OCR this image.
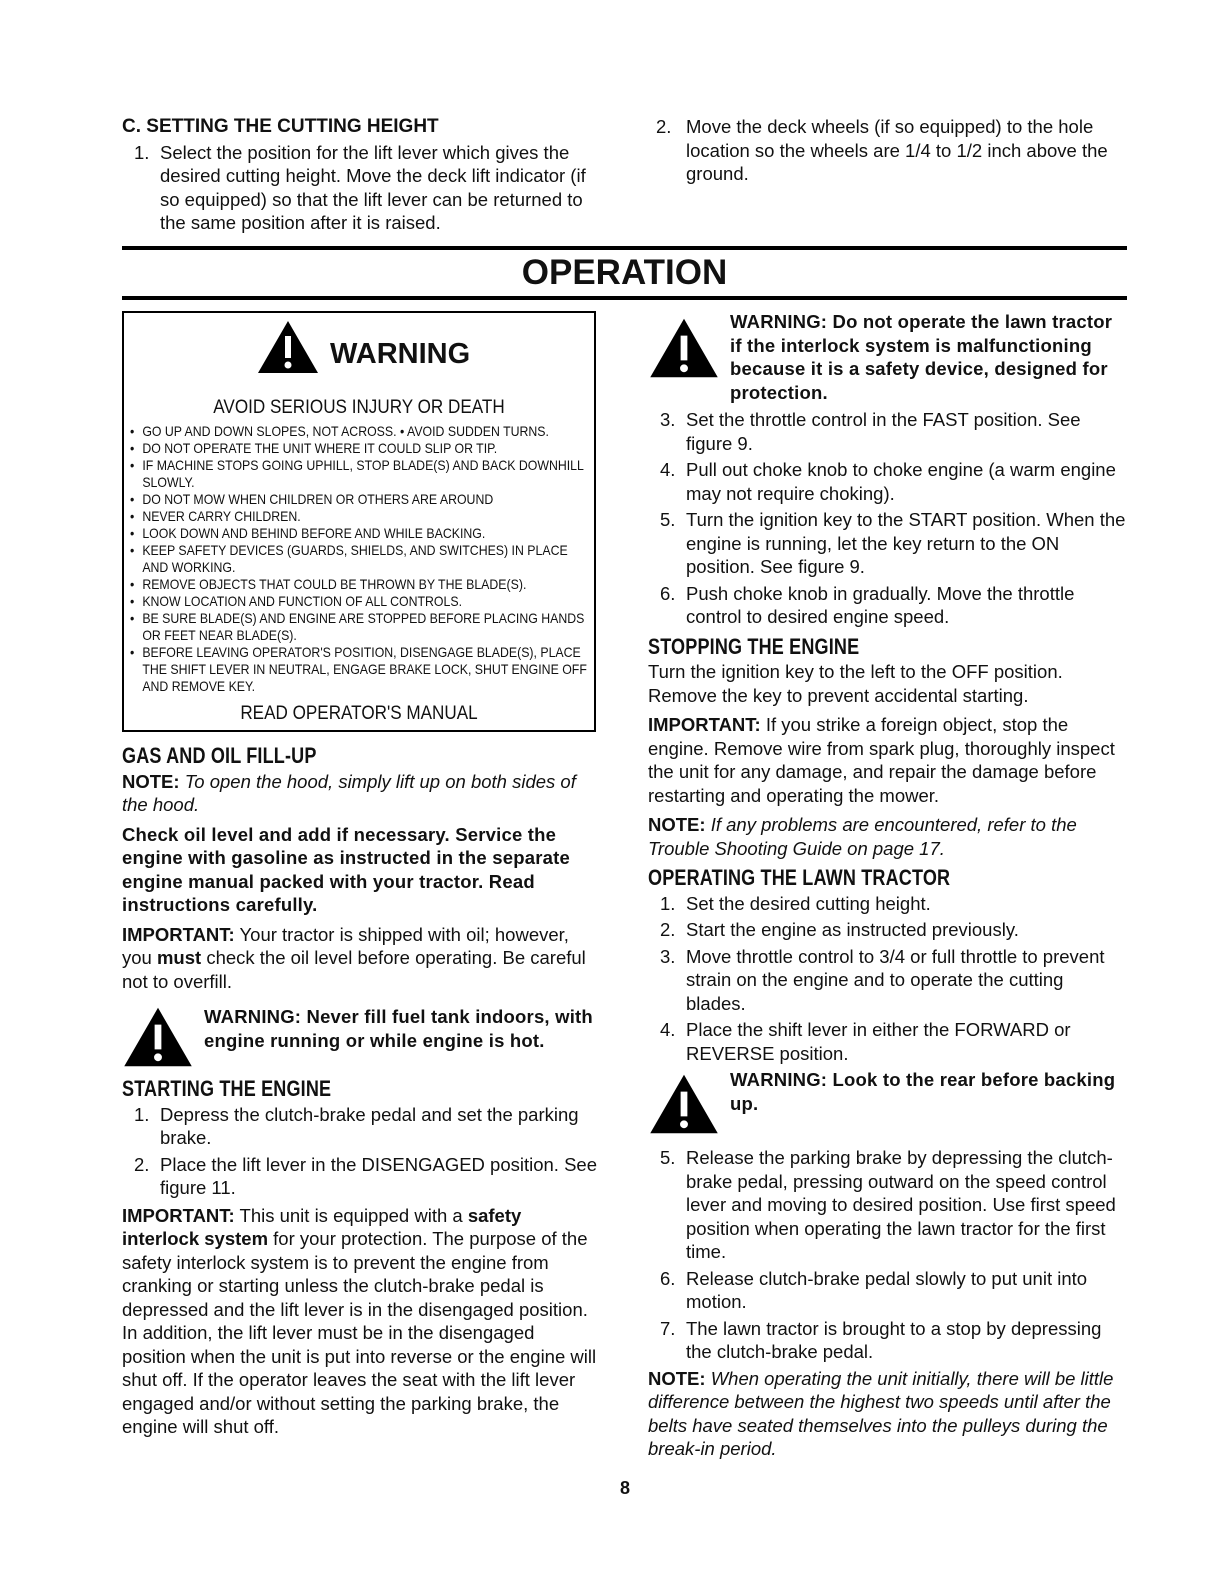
C. SETTING THE CUTTING HEIGHT
1. Select the position for the lift lever which gives the desired cutting height. Move the deck lift indicator (if so equipped) so that the lift lever can be returned to the same position after it is raised.
2. Move the deck wheels (if so equipped) to the hole location so the wheels are 1/4 to 1/2 inch above the ground.
OPERATION
WARNING
AVOID SERIOUS INJURY OR DEATH
• GO UP AND DOWN SLOPES, NOT ACROSS. • AVOID SUDDEN TURNS.
• DO NOT OPERATE THE UNIT WHERE IT COULD SLIP OR TIP.
• IF MACHINE STOPS GOING UPHILL, STOP BLADE(S) AND BACK DOWNHILL SLOWLY.
• DO NOT MOW WHEN CHILDREN OR OTHERS ARE AROUND
• NEVER CARRY CHILDREN.
• LOOK DOWN AND BEHIND BEFORE AND WHILE BACKING.
• KEEP SAFETY DEVICES (GUARDS, SHIELDS, AND SWITCHES) IN PLACE AND WORKING.
• REMOVE OBJECTS THAT COULD BE THROWN BY THE BLADE(S).
• KNOW LOCATION AND FUNCTION OF ALL CONTROLS.
• BE SURE BLADE(S) AND ENGINE ARE STOPPED BEFORE PLACING HANDS OR FEET NEAR BLADE(S).
• BEFORE LEAVING OPERATOR'S POSITION, DISENGAGE BLADE(S), PLACE THE SHIFT LEVER IN NEUTRAL, ENGAGE BRAKE LOCK, SHUT ENGINE OFF AND REMOVE KEY.
READ OPERATOR'S MANUAL
GAS AND OIL FILL-UP

NOTE: To open the hood, simply lift up on both sides of the hood.

Check oil level and add if necessary. Service the engine with gasoline as instructed in the separate engine manual packed with your tractor. Read instructions carefully.

IMPORTANT: Your tractor is shipped with oil; however, you must check the oil level before operating. Be careful not to overfill.

WARNING: Never fill fuel tank indoors, with engine running or while engine is hot.
STARTING THE ENGINE
1. Depress the clutch-brake pedal and set the parking brake.
2. Place the lift lever in the DISENGAGED position. See figure 11.

IMPORTANT: This unit is equipped with a safety interlock system for your protection. The purpose of the safety interlock system is to prevent the engine from cranking or starting unless the clutch-brake pedal is depressed and the lift lever is in the disengaged position. In addition, the lift lever must be in the disengaged position when the unit is put into reverse or the engine will shut off. If the operator leaves the seat with the lift lever engaged and/or without setting the parking brake, the engine will shut off.

WARNING: Do not operate the lawn tractor if the interlock system is malfunctioning because it is a safety device, designed for protection.
3. Set the throttle control in the FAST position. See figure 9.
4. Pull out choke knob to choke engine (a warm engine may not require choking).
5. Turn the ignition key to the START position. When the engine is running, let the key return to the ON position. See figure 9.
6. Push choke knob in gradually. Move the throttle control to desired engine speed.
STOPPING THE ENGINE

Turn the ignition key to the left to the OFF position. Remove the key to prevent accidental starting.

IMPORTANT: If you strike a foreign object, stop the engine. Remove wire from spark plug, thoroughly inspect the unit for any damage, and repair the damage before restarting and operating the mower.

NOTE: If any problems are encountered, refer to the Trouble Shooting Guide on page 17.

OPERATING THE LAWN TRACTOR
1. Set the desired cutting height.
2. Start the engine as instructed previously.
3. Move throttle control to 3/4 or full throttle to prevent strain on the engine and to operate the cutting blades.
4. Place the shift lever in either the FORWARD or REVERSE position.
WARNING: Look to the rear before backing up.
5. Release the parking brake by depressing the clutch-brake pedal, pressing outward on the speed control lever and moving to desired position. Use first speed position when operating the lawn tractor for the first time.
6. Release clutch-brake pedal slowly to put unit into motion.
7. The lawn tractor is brought to a stop by depressing the clutch-brake pedal.

NOTE: When operating the unit initially, there will be little difference between the highest two speeds until after the belts have seated themselves into the pulleys during the break-in period.

8
